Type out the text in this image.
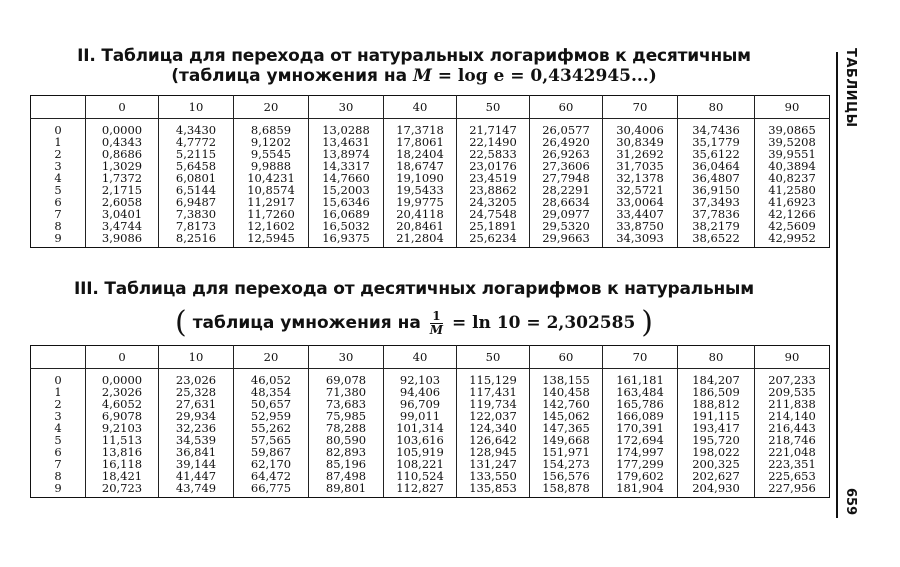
II. Таблица для перехода от натуральных логарифмов к десятичным
(таблица умножения на M = log e = 0,4342945...)
	0	10	20	30	40	50	60	70	80	90
0	0,0000	4,3430	8,6859	13,0288	17,3718	21,7147	26,0577	30,4006	34,7436	39,0865
1	0,4343	4,7772	9,1202	13,4631	17,8061	22,1490	26,4920	30,8349	35,1779	39,5208
2	0,8686	5,2115	9,5545	13,8974	18,2404	22,5833	26,9263	31,2692	35,6122	39,9551
3	1,3029	5,6458	9,9888	14,3317	18,6747	23,0176	27,3606	31,7035	36,0464	40,3894
4	1,7372	6,0801	10,4231	14,7660	19,1090	23,4519	27,7948	32,1378	36,4807	40,8237
5	2,1715	6,5144	10,8574	15,2003	19,5433	23,8862	28,2291	32,5721	36,9150	41,2580
6	2,6058	6,9487	11,2917	15,6346	19,9775	24,3205	28,6634	33,0064	37,3493	41,6923
7	3,0401	7,3830	11,7260	16,0689	20,4118	24,7548	29,0977	33,4407	37,7836	42,1266
8	3,4744	7,8173	12,1602	16,5032	20,8461	25,1891	29,5320	33,8750	38,2179	42,5609
9	3,9086	8,2516	12,5945	16,9375	21,2804	25,6234	29,9663	34,3093	38,6522	42,9952
III. Таблица для перехода от десятичных логарифмов к натуральным
( таблица умножения на $\frac{1}{M} = \ln 10 = 2,302585$ )
	0	10	20	30	40	50	60	70	80	90
0	0,0000	23,026	46,052	69,078	92,103	115,129	138,155	161,181	184,207	207,233
1	2,3026	25,328	48,354	71,380	94,406	117,431	140,458	163,484	186,509	209,535
2	4,6052	27,631	50,657	73,683	96,709	119,734	142,760	165,786	188,812	211,838
3	6,9078	29,934	52,959	75,985	99,011	122,037	145,062	166,089	191,115	214,140
4	9,2103	32,236	55,262	78,288	101,314	124,340	147,365	170,391	193,417	216,443
5	11,513	34,539	57,565	80,590	103,616	126,642	149,668	172,694	195,720	218,746
6	13,816	36,841	59,867	82,893	105,919	128,945	151,971	174,997	198,022	221,048
7	16,118	39,144	62,170	85,196	108,221	131,247	154,273	177,299	200,325	223,351
8	18,421	41,447	64,472	87,498	110,524	133,550	156,576	179,602	202,627	225,653
9	20,723	43,749	66,775	89,801	112,827	135,853	158,878	181,904	204,930	227,956
ТАБЛИЦЫ
659
